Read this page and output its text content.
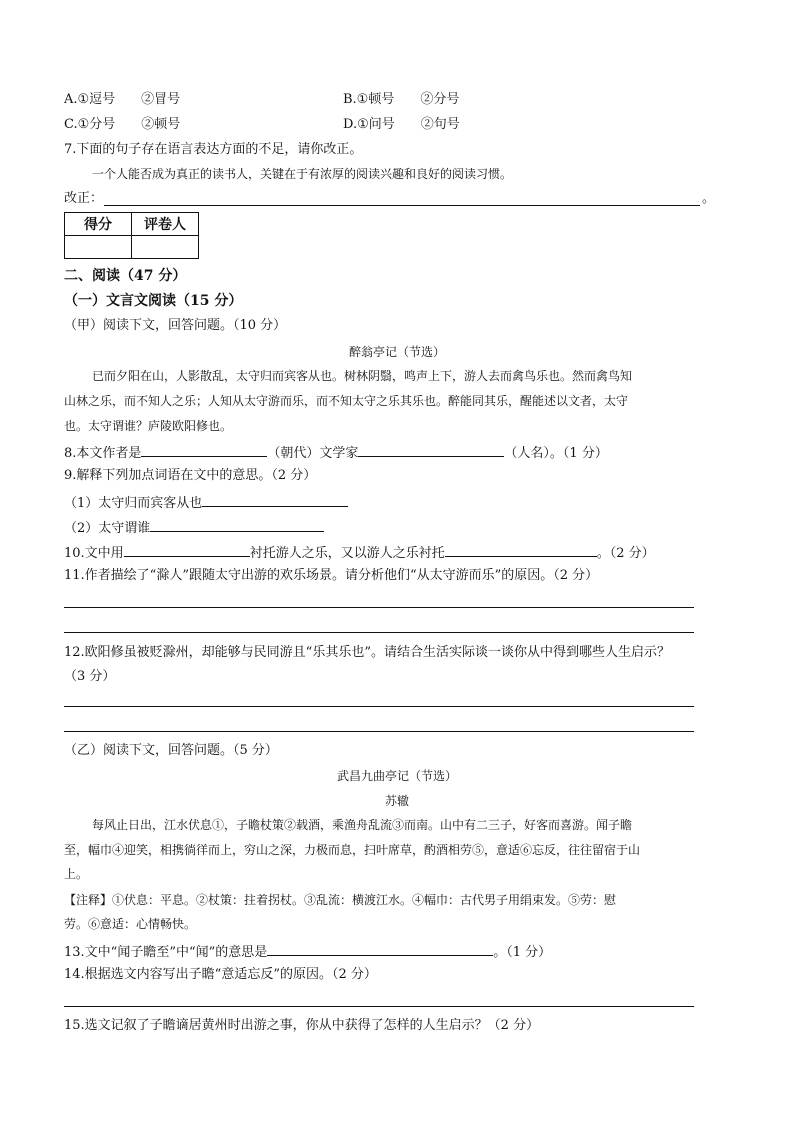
A.①逗号　　②冒号	B.①顿号　　②分号
C.①分号　　②顿号	D.①问号　　②句号
7.下面的句子存在语言表达方面的不足，请你改正。
一个人能否成为真正的读书人，关键在于有浓厚的阅读兴趣和良好的阅读习惯。
改正：	。
得分	评卷人

二、阅读（47 分）
（一）文言文阅读（15 分）
（甲）阅读下文，回答问题。（10 分）
醉翁亭记（节选）
已而夕阳在山，人影散乱，太守归而宾客从也。树林阴翳，鸣声上下，游人去而禽鸟乐也。然而禽鸟知
山林之乐，而不知人之乐；人知从太守游而乐，而不知太守之乐其乐也。醉能同其乐，醒能述以文者，太守
也。太守谓谁？庐陵欧阳修也。
8.本文作者是	（朝代）文学家	（人名）。（1 分）
9.解释下列加点词语在文中的意思。（2 分）
（1）太守归而宾客从也
（2）太守谓谁
10.文中用	衬托游人之乐，又以游人之乐衬托	。（2 分）
11.作者描绘了“滁人”跟随太守出游的欢乐场景。请分析他们“从太守游而乐”的原因。（2 分）
12.欧阳修虽被贬滁州，却能够与民同游且“乐其乐也”。请结合生活实际谈一谈你从中得到哪些人生启示？
（3 分）
（乙）阅读下文，回答问题。（5 分）
武昌九曲亭记（节选）
苏辙
每风止日出，江水伏息①，子瞻杖策②载酒，乘渔舟乱流③而南。山中有二三子，好客而喜游。闻子瞻
至，幅巾④迎笑，相携徜徉而上，穷山之深，力极而息，扫叶席草，酌酒相劳⑤，意适⑥忘反，往往留宿于山
上。
【注释】①伏息：平息。②杖策：拄着拐杖。③乱流：横渡江水。④幅巾：古代男子用绢束发。⑤劳：慰
劳。⑥意适：心情畅快。
13.文中“闻子瞻至”中“闻”的意思是	。（1 分）
14.根据选文内容写出子瞻“意适忘反”的原因。（2 分）
15.选文记叙了子瞻谪居黄州时出游之事，你从中获得了怎样的人生启示？（2 分）
